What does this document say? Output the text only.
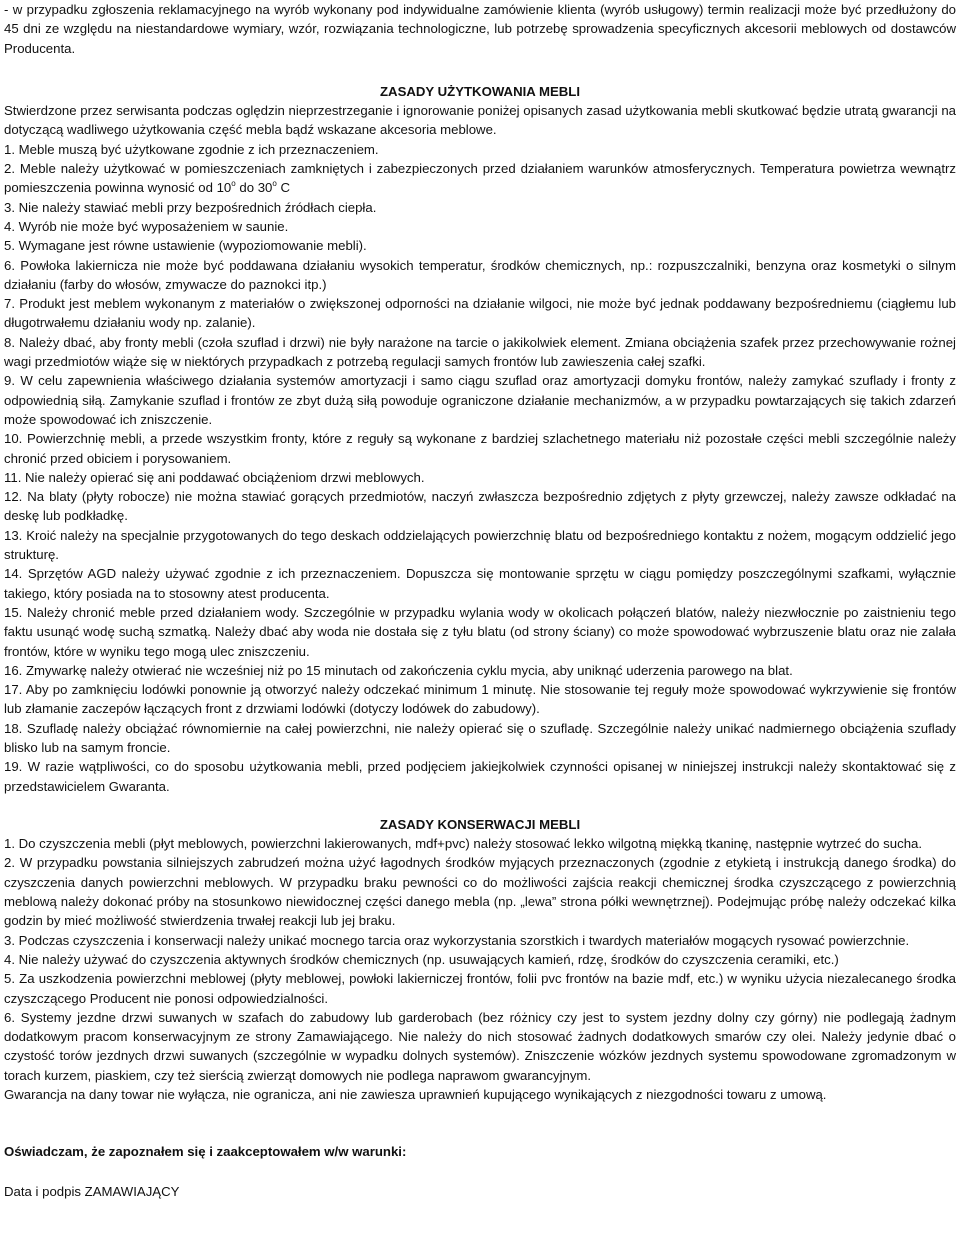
- w przypadku zgłoszenia reklamacyjnego na wyrób wykonany pod indywidualne zamówienie klienta (wyrób usługowy) termin realizacji może być przedłużony do 45 dni ze względu na niestandardowe wymiary, wzór, rozwiązania technologiczne, lub potrzebę sprowadzenia specyficznych akcesorii meblowych od dostawców Producenta.

ZASADY UŻYTKOWANIA MEBLI

Stwierdzone przez serwisanta podczas oględzin nieprzestrzeganie i ignorowanie poniżej opisanych zasad użytkowania mebli skutkować będzie utratą gwarancji na dotyczącą wadliwego użytkowania część mebla bądź wskazane akcesoria meblowe.

1. Meble muszą być użytkowane zgodnie z ich przeznaczeniem.

2. Meble należy użytkować w pomieszczeniach zamkniętych i zabezpieczonych przed działaniem warunków atmosferycznych. Temperatura powietrza wewnątrz pomieszczenia powinna wynosić od 10$^o$ do 30$^o$ C

3. Nie należy stawiać mebli przy bezpośrednich źródłach ciepła.

4. Wyrób nie może być wyposażeniem w saunie.

5. Wymagane jest równe ustawienie (wypoziomowanie mebli).

6. Powłoka lakiernicza nie może być poddawana działaniu wysokich temperatur, środków chemicznych, np.: rozpuszczalniki, benzyna oraz kosmetyki o silnym działaniu (farby do włosów, zmywacze do paznokci itp.)

7. Produkt jest meblem wykonanym z materiałów o zwiększonej odporności na działanie wilgoci, nie może być jednak poddawany bezpośredniemu (ciągłemu lub długotrwałemu działaniu wody np. zalanie).

8. Należy dbać, aby fronty mebli (czoła szuflad i drzwi) nie były narażone na tarcie o jakikolwiek element. Zmiana obciążenia szafek przez przechowywanie rożnej wagi przedmiotów wiąże się w niektórych przypadkach z potrzebą regulacji samych frontów lub zawieszenia całej szafki.

9. W celu zapewnienia właściwego działania systemów amortyzacji i samo ciągu szuflad oraz amortyzacji domyku frontów, należy zamykać szuflady i fronty z odpowiednią siłą. Zamykanie szuflad i frontów ze zbyt dużą siłą powoduje ograniczone działanie mechanizmów, a w przypadku powtarzających się takich zdarzeń może spowodować ich zniszczenie.

10. Powierzchnię mebli, a przede wszystkim fronty, które z reguły są wykonane z bardziej szlachetnego materiału niż pozostałe części mebli szczególnie należy chronić przed obiciem i porysowaniem.

11. Nie należy opierać się ani poddawać obciążeniom drzwi meblowych.

12. Na blaty (płyty robocze) nie można stawiać gorących przedmiotów, naczyń zwłaszcza bezpośrednio zdjętych z płyty grzewczej, należy zawsze odkładać na deskę lub podkładkę.

13. Kroić należy na specjalnie przygotowanych do tego deskach oddzielających powierzchnię blatu od bezpośredniego kontaktu z nożem, mogącym oddzielić jego strukturę.

14. Sprzętów AGD należy używać zgodnie z ich przeznaczeniem. Dopuszcza się montowanie sprzętu w ciągu pomiędzy poszczególnymi szafkami, wyłącznie takiego, który posiada na to stosowny atest producenta.

15. Należy chronić meble przed działaniem wody. Szczególnie w przypadku wylania wody w okolicach połączeń blatów, należy niezwłocznie po zaistnieniu tego faktu usunąć wodę suchą szmatką. Należy dbać aby woda nie dostała się z tyłu blatu (od strony ściany) co może spowodować wybrzuszenie blatu oraz nie zalała frontów, które w wyniku tego mogą ulec zniszczeniu.

16. Zmywarkę należy otwierać nie wcześniej niż po 15 minutach od zakończenia cyklu mycia, aby uniknąć uderzenia parowego na blat.

17. Aby po zamknięciu lodówki ponownie ją otworzyć należy odczekać minimum 1 minutę. Nie stosowanie tej reguły może spowodować wykrzywienie się frontów lub złamanie zaczepów łączących front z drzwiami lodówki (dotyczy lodówek do zabudowy).

18. Szufladę należy obciążać równomiernie na całej powierzchni, nie należy opierać się o szufladę. Szczególnie należy unikać nadmiernego obciążenia szuflady blisko lub na samym froncie.

19. W razie wątpliwości, co do sposobu użytkowania mebli, przed podjęciem jakiejkolwiek czynności opisanej w niniejszej instrukcji należy skontaktować się z przedstawicielem Gwaranta.

ZASADY KONSERWACJI MEBLI

1. Do czyszczenia mebli (płyt meblowych, powierzchni lakierowanych, mdf+pvc) należy stosować lekko wilgotną miękką tkaninę, następnie wytrzeć do sucha.

2. W przypadku powstania silniejszych zabrudzeń można użyć łagodnych środków myjących przeznaczonych (zgodnie z etykietą i instrukcją danego środka) do czyszczenia danych powierzchni meblowych. W przypadku braku pewności co do możliwości zajścia reakcji chemicznej środka czyszczącego z powierzchnią meblową należy dokonać próby na stosunkowo niewidocznej części danego mebla (np. „lewa” strona półki wewnętrznej). Podejmując próbę należy odczekać kilka godzin by mieć możliwość stwierdzenia trwałej reakcji lub jej braku.

3. Podczas czyszczenia i konserwacji należy unikać mocnego tarcia oraz wykorzystania szorstkich i twardych materiałów mogących rysować powierzchnie.

4. Nie należy używać do czyszczenia aktywnych środków chemicznych (np. usuwających kamień, rdzę, środków do czyszczenia ceramiki, etc.)

5. Za uszkodzenia powierzchni meblowej (płyty meblowej, powłoki lakierniczej frontów, folii pvc frontów na bazie mdf, etc.) w wyniku użycia niezalecanego środka czyszczącego Producent nie ponosi odpowiedzialności.

6. Systemy jezdne drzwi suwanych w szafach do zabudowy lub garderobach (bez różnicy czy jest to system jezdny dolny czy górny) nie podlegają żadnym dodatkowym pracom konserwacyjnym ze strony Zamawiającego. Nie należy do nich stosować żadnych dodatkowych smarów czy olei. Należy jedynie dbać o czystość torów jezdnych drzwi suwanych (szczególnie w wypadku dolnych systemów). Zniszczenie wózków jezdnych systemu spowodowane zgromadzonym w torach kurzem, piaskiem, czy też sierścią zwierząt domowych nie podlega naprawom gwarancyjnym.

Gwarancja na dany towar nie wyłącza, nie ogranicza, ani nie zawiesza uprawnień kupującego wynikających z niezgodności towaru z umową.

Oświadczam, że zapoznałem się i zaakceptowałem w/w warunki:

Data i podpis ZAMAWIAJĄCY
